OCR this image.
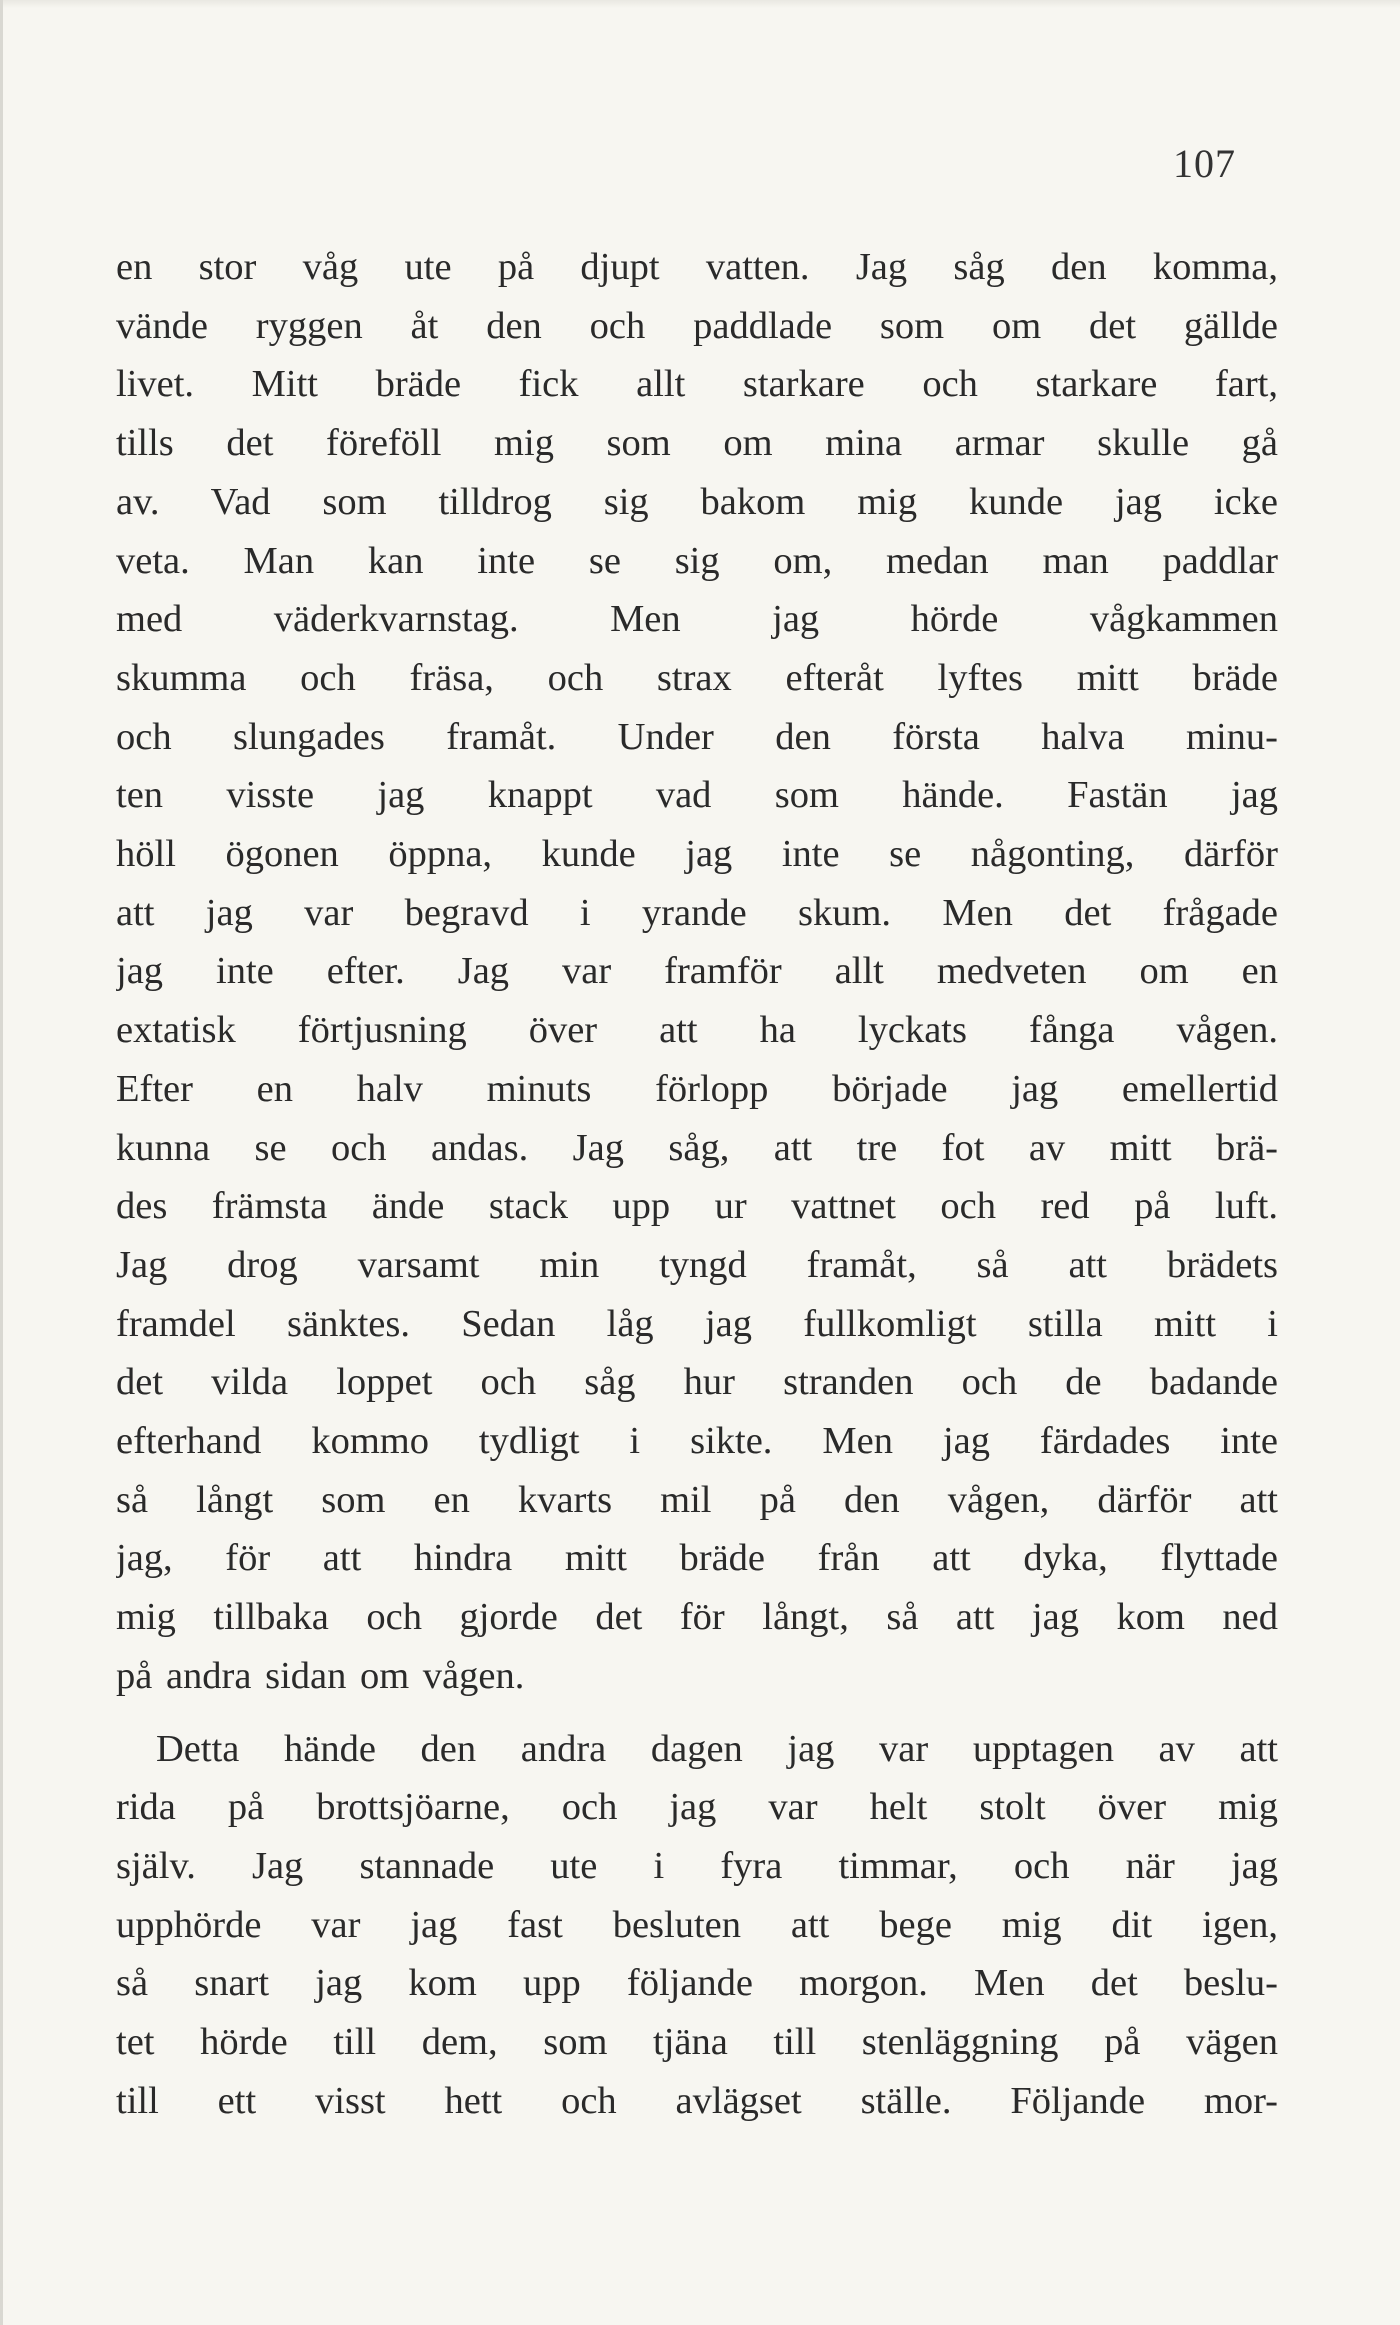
107

en stor våg ute på djupt vatten. Jag såg den komma,
vände ryggen åt den och paddlade som om det gällde
livet. Mitt bräde fick allt starkare och starkare fart,
tills det föreföll mig som om mina armar skulle gå
av. Vad som tilldrog sig bakom mig kunde jag icke
veta. Man kan inte se sig om, medan man paddlar
med väderkvarnstag. Men jag hörde vågkammen
skumma och fräsa, och strax efteråt lyftes mitt bräde
och slungades framåt. Under den första halva minu-
ten visste jag knappt vad som hände. Fastän jag
höll ögonen öppna, kunde jag inte se någonting, därför
att jag var begravd i yrande skum. Men det frågade
jag inte efter. Jag var framför allt medveten om en
extatisk förtjusning över att ha lyckats fånga vågen.
Efter en halv minuts förlopp började jag emellertid
kunna se och andas. Jag såg, att tre fot av mitt brä-
des främsta ände stack upp ur vattnet och red på luft.
Jag drog varsamt min tyngd framåt, så att brädets
framdel sänktes. Sedan låg jag fullkomligt stilla mitt i
det vilda loppet och såg hur stranden och de badande
efterhand kommo tydligt i sikte. Men jag färdades inte
så långt som en kvarts mil på den vågen, därför att
jag, för att hindra mitt bräde från att dyka, flyttade
mig tillbaka och gjorde det för långt, så att jag kom ned
på andra sidan om vågen.

Detta hände den andra dagen jag var upptagen av att
rida på brottsjöarne, och jag var helt stolt över mig
själv. Jag stannade ute i fyra timmar, och när jag
upphörde var jag fast besluten att bege mig dit igen,
så snart jag kom upp följande morgon. Men det beslu-
tet hörde till dem, som tjäna till stenläggning på vägen
till ett visst hett och avlägset ställe. Följande mor-
